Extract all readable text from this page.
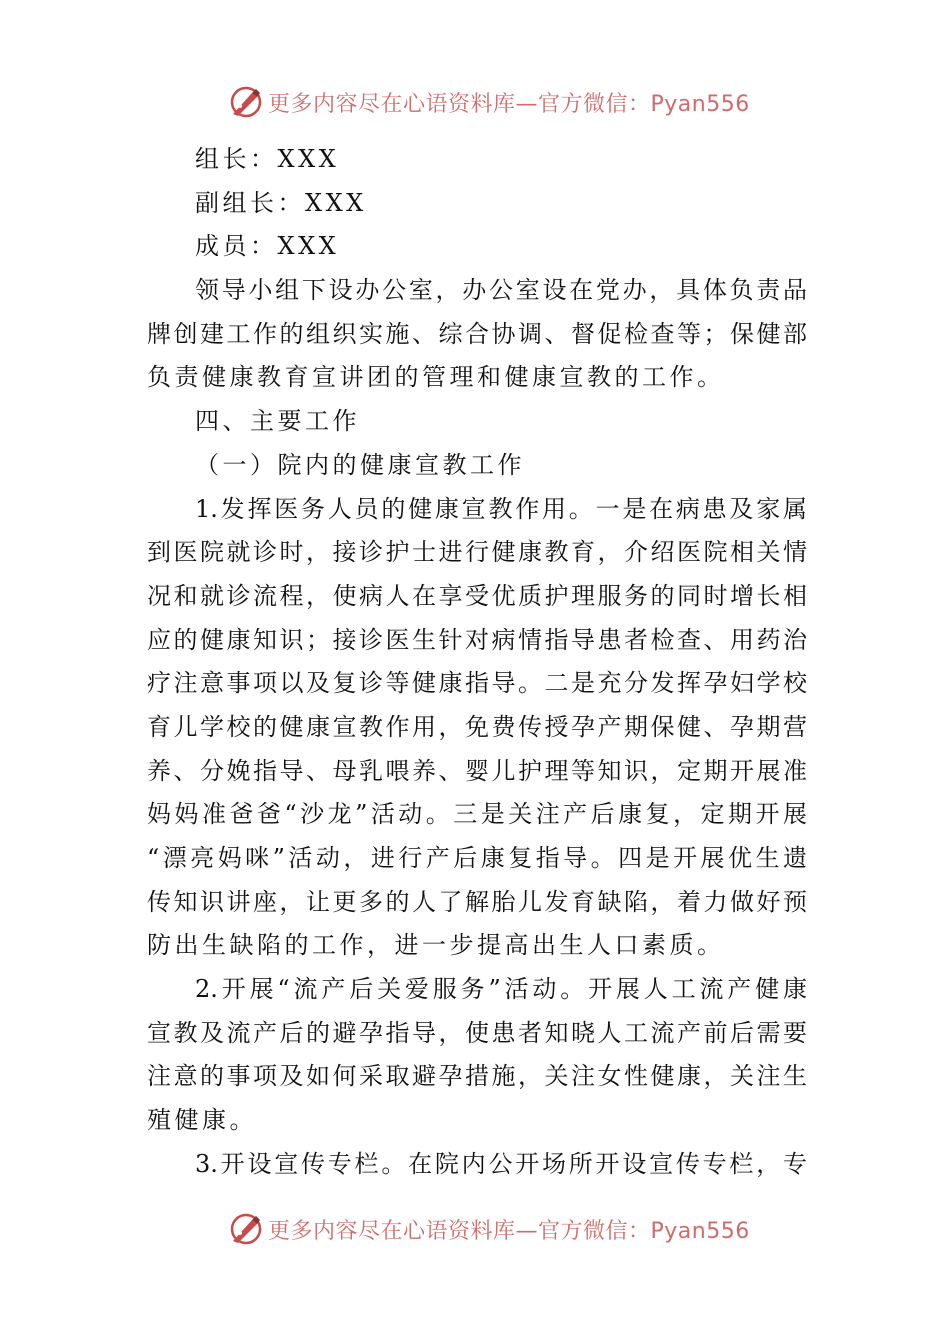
更多内容尽在心语资料库—官方微信：Pyan556
组长：XXX
副组长：XXX
成员：XXX
领导小组下设办公室，办公室设在党办，具体负责品
牌创建工作的组织实施、综合协调、督促检查等；保健部
负责健康教育宣讲团的管理和健康宣教的工作。
四、主要工作
（一）院内的健康宣教工作
1.发挥医务人员的健康宣教作用。一是在病患及家属
到医院就诊时，接诊护士进行健康教育，介绍医院相关情
况和就诊流程，使病人在享受优质护理服务的同时增长相
应的健康知识；接诊医生针对病情指导患者检查、用药治
疗注意事项以及复诊等健康指导。二是充分发挥孕妇学校
育儿学校的健康宣教作用，免费传授孕产期保健、孕期营
养、分娩指导、母乳喂养、婴儿护理等知识，定期开展准
妈妈准爸爸“沙龙”活动。三是关注产后康复，定期开展
“漂亮妈咪”活动，进行产后康复指导。四是开展优生遗
传知识讲座，让更多的人了解胎儿发育缺陷，着力做好预
防出生缺陷的工作，进一步提高出生人口素质。
2.开展“流产后关爱服务”活动。开展人工流产健康
宣教及流产后的避孕指导，使患者知晓人工流产前后需要
注意的事项及如何采取避孕措施，关注女性健康，关注生
殖健康。
3.开设宣传专栏。在院内公开场所开设宣传专栏，专
更多内容尽在心语资料库—官方微信：Pyan556
